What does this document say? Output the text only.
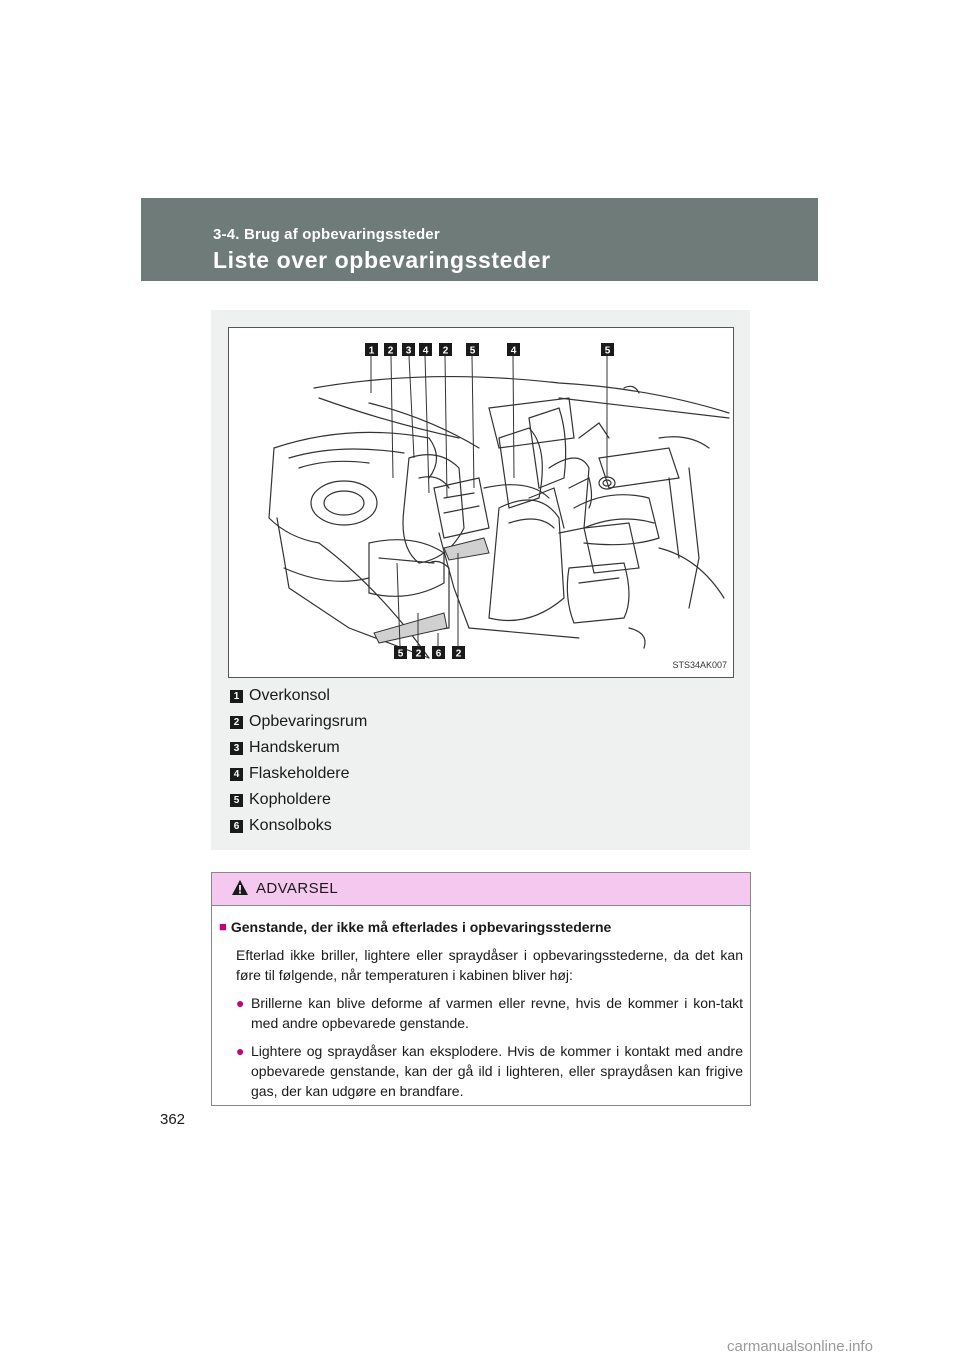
3-4. Brug af opbevaringssteder
Liste over opbevaringssteder
1 2 3 4 2 5	4	5
5 2 6 2
STS34AK007
1 Overkonsol
2 Opbevaringsrum
3 Handskerum
4 Flaskeholdere
5 Kopholdere
6 Konsolboks
ADVARSEL
■ Genstande, der ikke må efterlades i opbevaringsstederne
Efterlad ikke briller, lightere eller spraydåser i opbevaringsstederne, da det kan føre til følgende, når temperaturen i kabinen bliver høj:
● Brillerne kan blive deforme af varmen eller revne, hvis de kommer i kon-takt med andre opbevarede genstande.
● Lightere og spraydåser kan eksplodere. Hvis de kommer i kontakt med andre opbevarede genstande, kan der gå ild i lighteren, eller spraydåsen kan frigive gas, der kan udgøre en brandfare.
362
carmanualsonline.info
